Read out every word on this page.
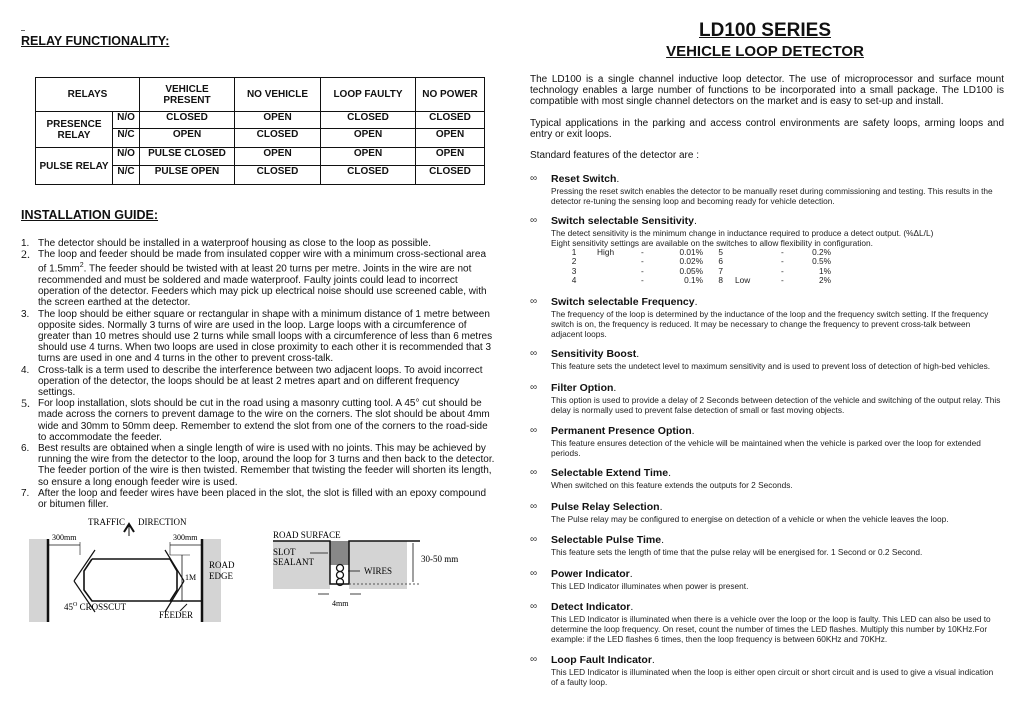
RELAY FUNCTIONALITY:
RELAYS		VEHICLE PRESENT	NO VEHICLE	LOOP FAULTY	NO POWER
PRESENCE RELAY	N/O	CLOSED	OPEN	CLOSED	CLOSED
	N/C	OPEN	CLOSED	OPEN	OPEN
PULSE RELAY	N/O	PULSE CLOSED	OPEN	OPEN	OPEN
	N/C	PULSE OPEN	CLOSED	CLOSED	CLOSED
INSTALLATION GUIDE:
1. The detector should be installed in a waterproof housing as close to the loop as possible.
2. The loop and feeder should be made from insulated copper wire with a minimum cross-sectional area of $1.5mm^2$. The feeder should be twisted with at least 20 turns per metre. Joints in the wire are not recommended and must be soldered and made waterproof. Faulty joints could lead to incorrect operation of the detector. Feeders which may pick up electrical noise should use screened cable, with the screen earthed at the detector.
3. The loop should be either square or rectangular in shape with a minimum distance of 1 metre between opposite sides. Normally 3 turns of wire are used in the loop. Large loops with a circumference of greater than 10 metres should use 2 turns while small loops with a circumference of less than 6 metres should use 4 turns. When two loops are used in close proximity to each other it is recommended that 3 turns are used in one and 4 turns in the other to prevent cross-talk.
4. Cross-talk is a term used to describe the interference between two adjacent loops. To avoid incorrect operation of the detector, the loops should be at least 2 metres apart and on different frequency settings.
5. For loop installation, slots should be cut in the road using a masonry cutting tool. A 45° cut should be made across the corners to prevent damage to the wire on the corners. The slot should be about 4mm wide and 30mm to 50mm deep. Remember to extend the slot from one of the corners to the road-side to accommodate the feeder.
6. Best results are obtained when a single length of wire is used with no joints. This may be achieved by running the wire from the detector to the loop, around the loop for 3 turns and then back to the detector. The feeder portion of the wire is then twisted. Remember that twisting the feeder will shorten its length, so ensure a long enough feeder wire is used.
7. After the loop and feeder wires have been placed in the slot, the slot is filled with an epoxy compound or bitumen filler.
TRAFFIC DIRECTION
300mm	300mm
1M
ROAD
EDGE
$45^O$ CROSSCUT
FEEDER
ROAD SURFACE
SLOT
SEALANT
WIRES
30-50 mm
4mm
LD100 SERIES
VEHICLE LOOP DETECTOR
The LD100 is a single channel inductive loop detector. The use of microprocessor and surface mount technology enables a large number of functions to be incorporated into a small package. The LD100 is compatible with most single channel detectors on the market and is easy to set-up and install.
Typical applications in the parking and access control environments are safety loops, arming loops and entry or exit loops.
Standard features of the detector are :
∞ Reset Switch.
Pressing the reset switch enables the detector to be manually reset during commissioning and testing. This results in the detector re-tuning the sensing loop and becoming ready for vehicle detection.
∞ Switch selectable Sensitivity.
The detect sensitivity is the minimum change in inductance required to produce a detect output. (%ΔL/L)
Eight sensitivity settings are available on the switches to allow flexibility in configuration.
1	High	-	0.01%	5		-	0.2%
2		-	0.02%	6		-	0.5%
3		-	0.05%	7		-	1%
4		-	0.1%	8	Low	-	2%
∞ Switch selectable Frequency.
The frequency of the loop is determined by the inductance of the loop and the frequency switch setting. If the frequency switch is on, the frequency is reduced. It may be necessary to change the frequency to prevent cross-talk between adjacent loops.
∞ Sensitivity Boost.
This feature sets the undetect level to maximum sensitivity and is used to prevent loss of detection of high-bed vehicles.
∞ Filter Option.
This option is used to provide a delay of 2 Seconds between detection of the vehicle and switching of the output relay. This delay is normally used to prevent false detection of small or fast moving objects.
∞ Permanent Presence Option.
This feature ensures detection of the vehicle will be maintained when the vehicle is parked over the loop for extended periods.
∞ Selectable Extend Time.
When switched on this feature extends the outputs for 2 Seconds.
∞ Pulse Relay Selection.
The Pulse relay may be configured to energise on detection of a vehicle or when the vehicle leaves the loop.
∞ Selectable Pulse Time.
This feature sets the length of time that the pulse relay will be energised for. 1 Second or 0.2 Second.
∞ Power Indicator.
This LED Indicator illuminates when power is present.
∞ Detect Indicator.
This LED Indicator is illuminated when there is a vehicle over the loop or the loop is faulty. This LED can also be used to determine the loop frequency. On reset, count the number of times the LED flashes. Multiply this number by 10KHz.For example: if the LED flashes 6 times, then the loop frequency is between 60KHz and 70KHz.
∞ Loop Fault Indicator.
This LED Indicator is illuminated when the loop is either open circuit or short circuit and is used to give a visual indication of a faulty loop.
